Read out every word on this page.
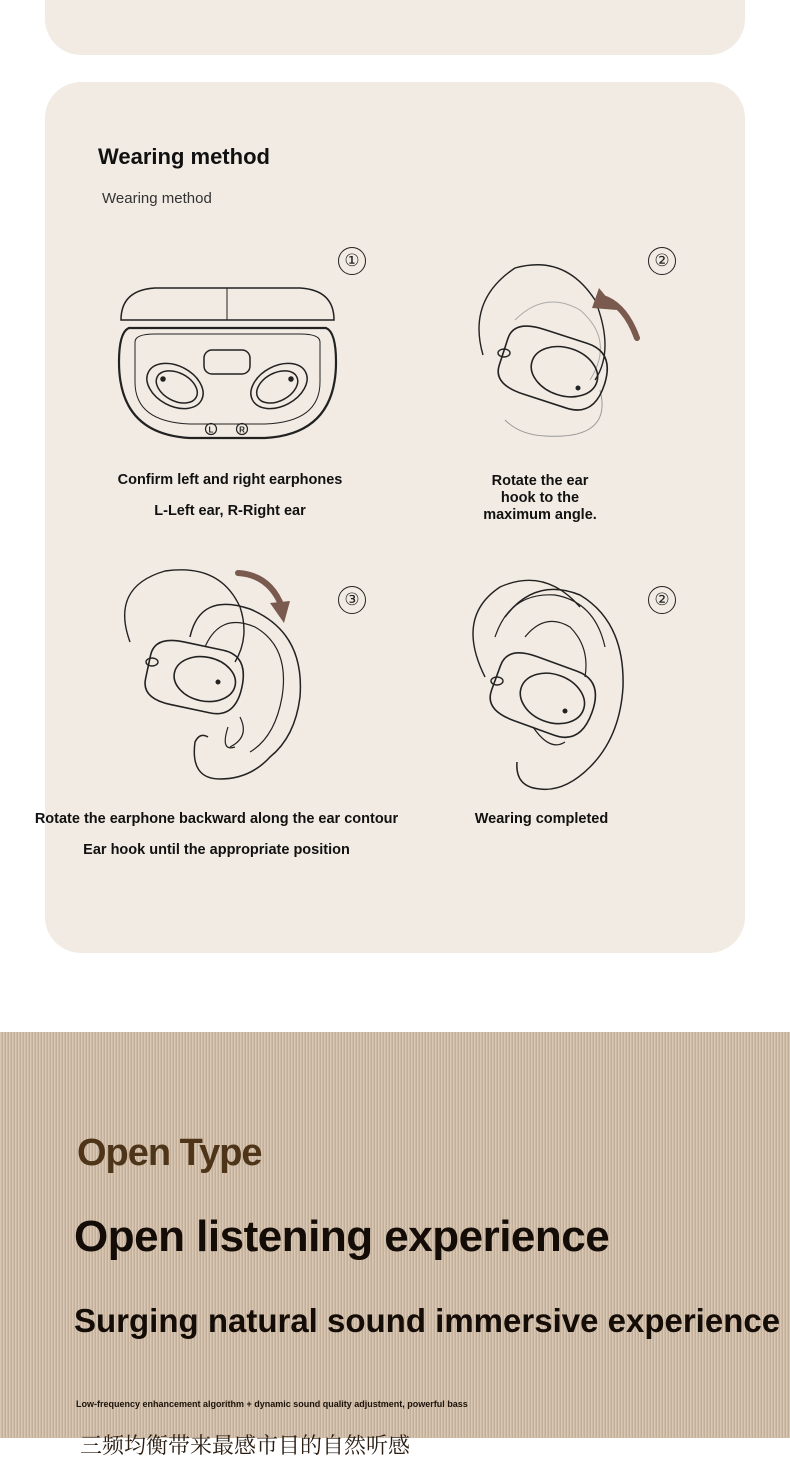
Wearing method
Wearing method
①
L	R
Confirm left and right earphones
L-Left ear, R-Right ear
②
Rotate the ear
hook to the
maximum angle.
③
Rotate the earphone backward along the ear contour
Ear hook until the appropriate position
②
Wearing completed
Open Type
Open listening experience
Surging natural sound immersive experience
Low-frequency enhancement algorithm + dynamic sound quality adjustment, powerful bass
三频均衡带来最感市目的自然听感
